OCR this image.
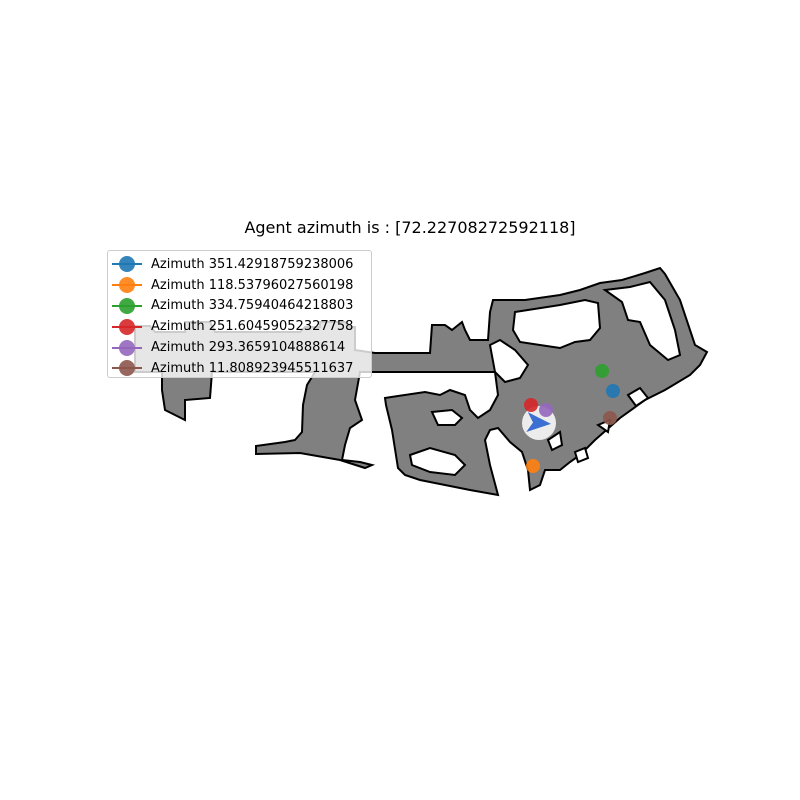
Agent azimuth is : [72.22708272592118]
Azimuth 351.42918759238006
Azimuth 118.53796027560198
Azimuth 334.75940464218803
Azimuth 251.60459052327758
Azimuth 293.3659104888614
Azimuth 11.808923945511637
